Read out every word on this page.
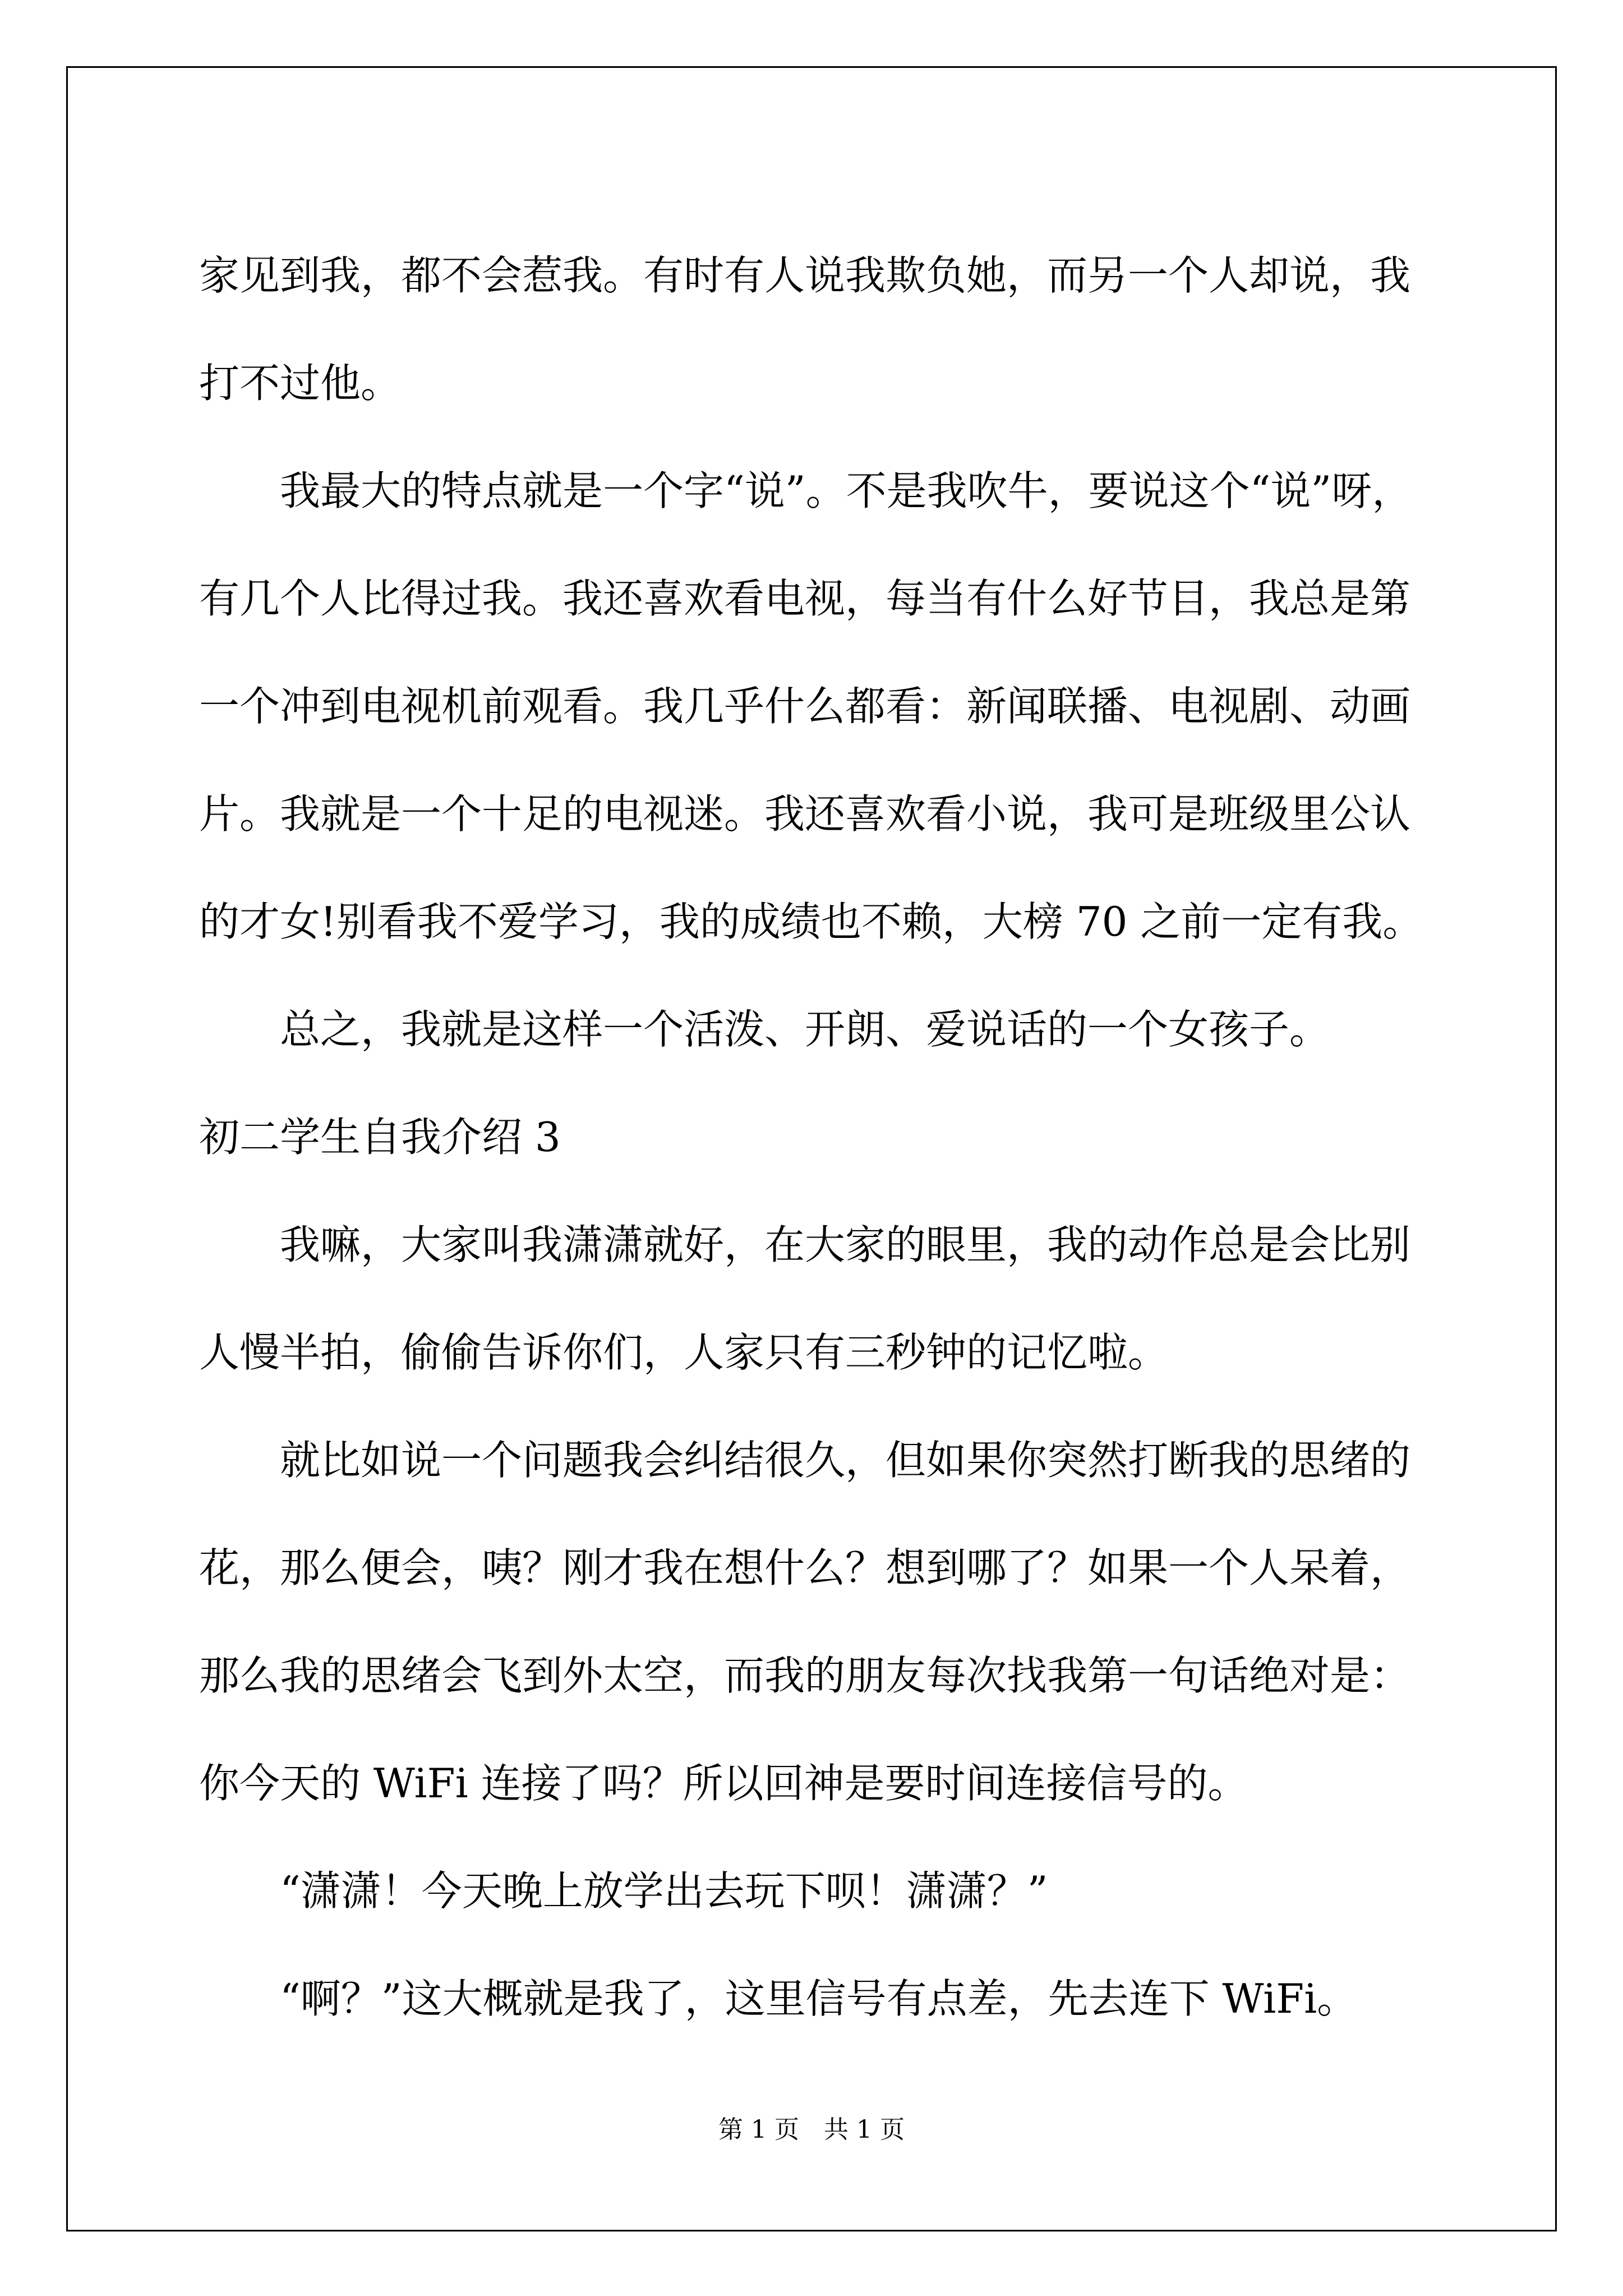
家见到我，都不会惹我。有时有人说我欺负她，而另一个人却说，我
打不过他。
我最大的特点就是一个字“说”。不是我吹牛，要说这个“说”呀，
有几个人比得过我。我还喜欢看电视，每当有什么好节目，我总是第
一个冲到电视机前观看。我几乎什么都看：新闻联播、电视剧、动画
片。我就是一个十足的电视迷。我还喜欢看小说，我可是班级里公认
的才女!别看我不爱学习，我的成绩也不赖，大榜 70 之前一定有我。
总之，我就是这样一个活泼、开朗、爱说话的一个女孩子。
初二学生自我介绍 3
我嘛，大家叫我潇潇就好，在大家的眼里，我的动作总是会比别
人慢半拍，偷偷告诉你们，人家只有三秒钟的记忆啦。
就比如说一个问题我会纠结很久，但如果你突然打断我的思绪的
花，那么便会，咦？刚才我在想什么？想到哪了？如果一个人呆着，
那么我的思绪会飞到外太空，而我的朋友每次找我第一句话绝对是：
你今天的 WiFi 连接了吗？所以回神是要时间连接信号的。
“潇潇！今天晚上放学出去玩下呗！潇潇？”
“啊？”这大概就是我了，这里信号有点差，先去连下 WiFi。
第 1 页　共 1 页
